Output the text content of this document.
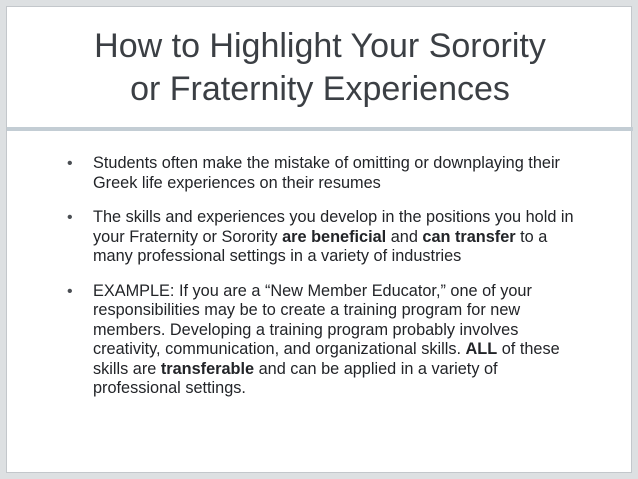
How to Highlight Your Sorority
or Fraternity Experiences
• Students often make the mistake of omitting or downplaying their Greek life experiences on their resumes
• The skills and experiences you develop in the positions you hold in your Fraternity or Sorority are beneficial and can transfer to a many professional settings in a variety of industries
• EXAMPLE: If you are a “New Member Educator,” one of your responsibilities may be to create a training program for new members. Developing a training program probably involves creativity, communication, and organizational skills. ALL of these skills are transferable and can be applied in a variety of professional settings.
